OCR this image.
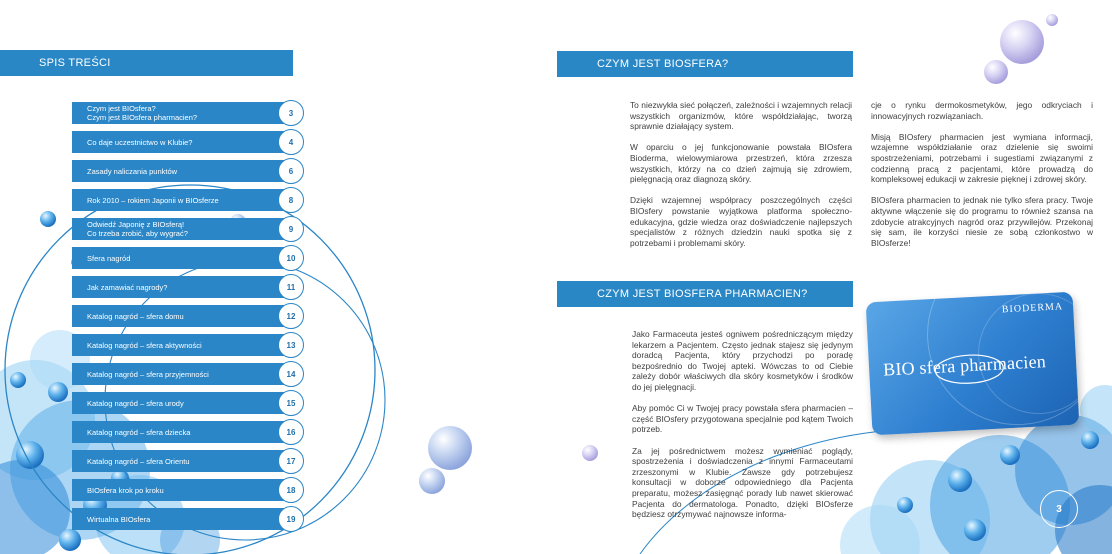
SPIS TREŚCI
Czym jest BIOsfera?
Czym jest BIOsfera pharmacien?	3
Co daje uczestnictwo w Klubie?	4
Zasady naliczania punktów	6
Rok 2010 – rokiem Japonii w BIOsferze	8
Odwiedź Japonię z BIOsferą!
Co trzeba zrobić, aby wygrać?	9
Sfera nagród	10
Jak zamawiać nagrody?	11
Katalog nagród – sfera domu	12
Katalog nagród – sfera aktywności	13
Katalog nagród – sfera przyjemności	14
Katalog nagród – sfera urody	15
Katalog nagród – sfera dziecka	16
Katalog nagród – sfera Orientu	17
BIOsfera krok po kroku	18
Wirtualna BIOsfera	19
CZYM JEST BIOSFERA?

To niezwykła sieć połączeń, zależności i wzajemnych relacji wszystkich organizmów, które współdziałając, tworzą sprawnie działający system.

W oparciu o jej funkcjonowanie powstała BIOsfera Bioderma, wielowymiarowa przestrzeń, która zrzesza wszystkich, którzy na co dzień zajmują się zdrowiem, pielęgnacją oraz diagnozą skóry.

Dzięki wzajemnej współpracy poszczególnych części BIOsfery powstanie wyjątkowa platforma społeczno-edukacyjna, gdzie wiedza oraz doświadczenie najlepszych specjalistów z różnych dziedzin nauki spotka się z potrzebami i problemami skóry.

cje o rynku dermokosmetyków, jego odkryciach i innowacyjnych rozwiązaniach.

Misją BIOsfery pharmacien jest wymiana informacji, wzajemne współdziałanie oraz dzielenie się swoimi spostrzeżeniami, potrzebami i sugestiami związanymi z codzienną pracą z pacjentami, które prowadzą do kompleksowej edukacji w zakresie pięknej i zdrowej skóry.

BIOsfera pharmacien to jednak nie tylko sfera pracy. Twoje aktywne włączenie się do programu to również szansa na zdobycie atrakcyjnych nagród oraz przywilejów. Przekonaj się sam, ile korzyści niesie ze sobą członkostwo w BIOsferze!

CZYM JEST BIOSFERA PHARMACIEN?

Jako Farmaceuta jesteś ogniwem pośredniczącym między lekarzem a Pacjentem. Często jednak stajesz się jedynym doradcą Pacjenta, który przychodzi po poradę bezpośrednio do Twojej apteki. Wówczas to od Ciebie zależy dobór właściwych dla skóry kosmetyków i środków do jej pielęgnacji.

Aby pomóc Ci w Twojej pracy powstała sfera pharmacien – część BIOsfery przygotowana specjalnie pod kątem Twoich potrzeb.

Za jej pośrednictwem możesz wymieniać poglądy, spostrzeżenia i doświadczenia z innymi Farmaceutami zrzeszonymi w Klubie. Zawsze gdy potrzebujesz konsultacji w doborze odpowiedniego dla Pacjenta preparatu, możesz zasięgnąć porady lub nawet skierować Pacjenta do dermatologa. Ponadto, dzięki BIOsferze będziesz otrzymywać najnowsze informa-

BIODERMA
BIO sfera pharmacien
3
